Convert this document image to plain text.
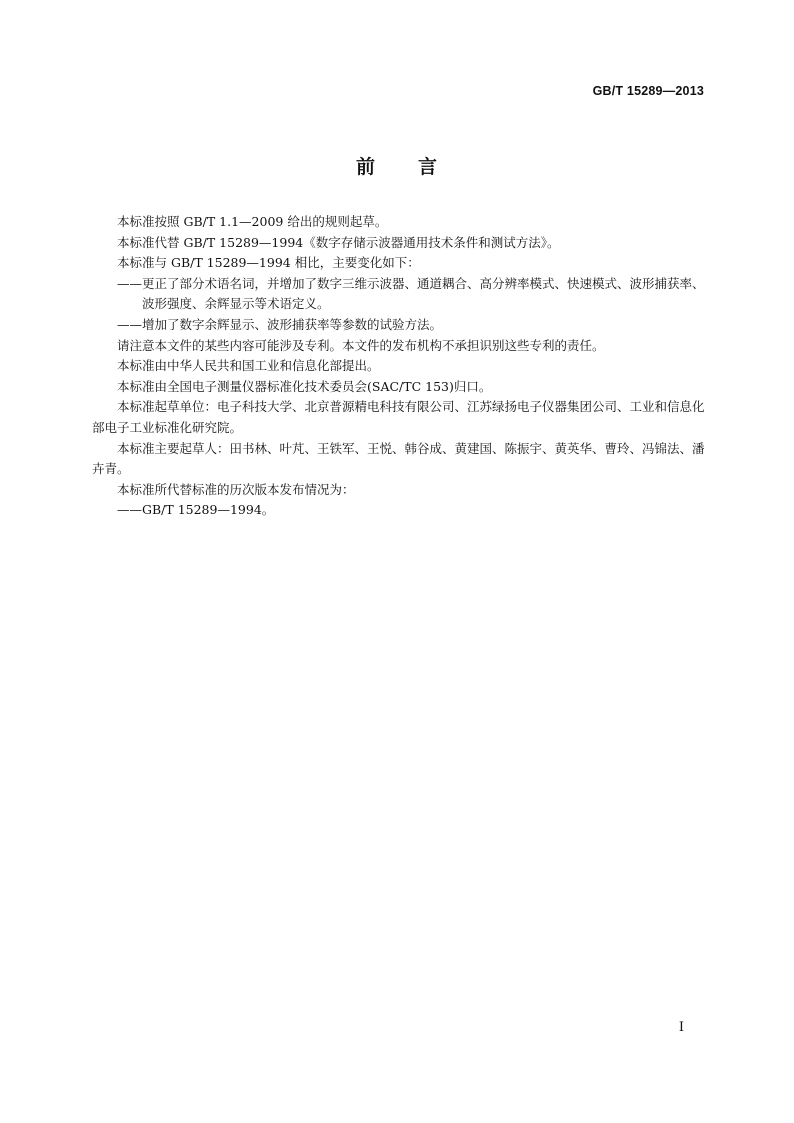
GB/T 15289—2013
前 言

本标准按照 GB/T 1.1—2009 给出的规则起草。

本标准代替 GB/T 15289—1994《数字存储示波器通用技术条件和测试方法》。

本标准与 GB/T 15289—1994 相比，主要变化如下：

——更正了部分术语名词，并增加了数字三维示波器、通道耦合、高分辨率模式、快速模式、波形捕获率、波形强度、余辉显示等术语定义。

——增加了数字余辉显示、波形捕获率等参数的试验方法。

请注意本文件的某些内容可能涉及专利。本文件的发布机构不承担识别这些专利的责任。

本标准由中华人民共和国工业和信息化部提出。

本标准由全国电子测量仪器标准化技术委员会(SAC/TC 153)归口。

本标准起草单位：电子科技大学、北京普源精电科技有限公司、江苏绿扬电子仪器集团公司、工业和信息化部电子工业标准化研究院。

本标准主要起草人：田书林、叶芃、王铁军、王悦、韩谷成、黄建国、陈振宇、黄英华、曹玲、冯锦法、潘卉青。

本标准所代替标准的历次版本发布情况为：

——GB/T 15289—1994。

I
